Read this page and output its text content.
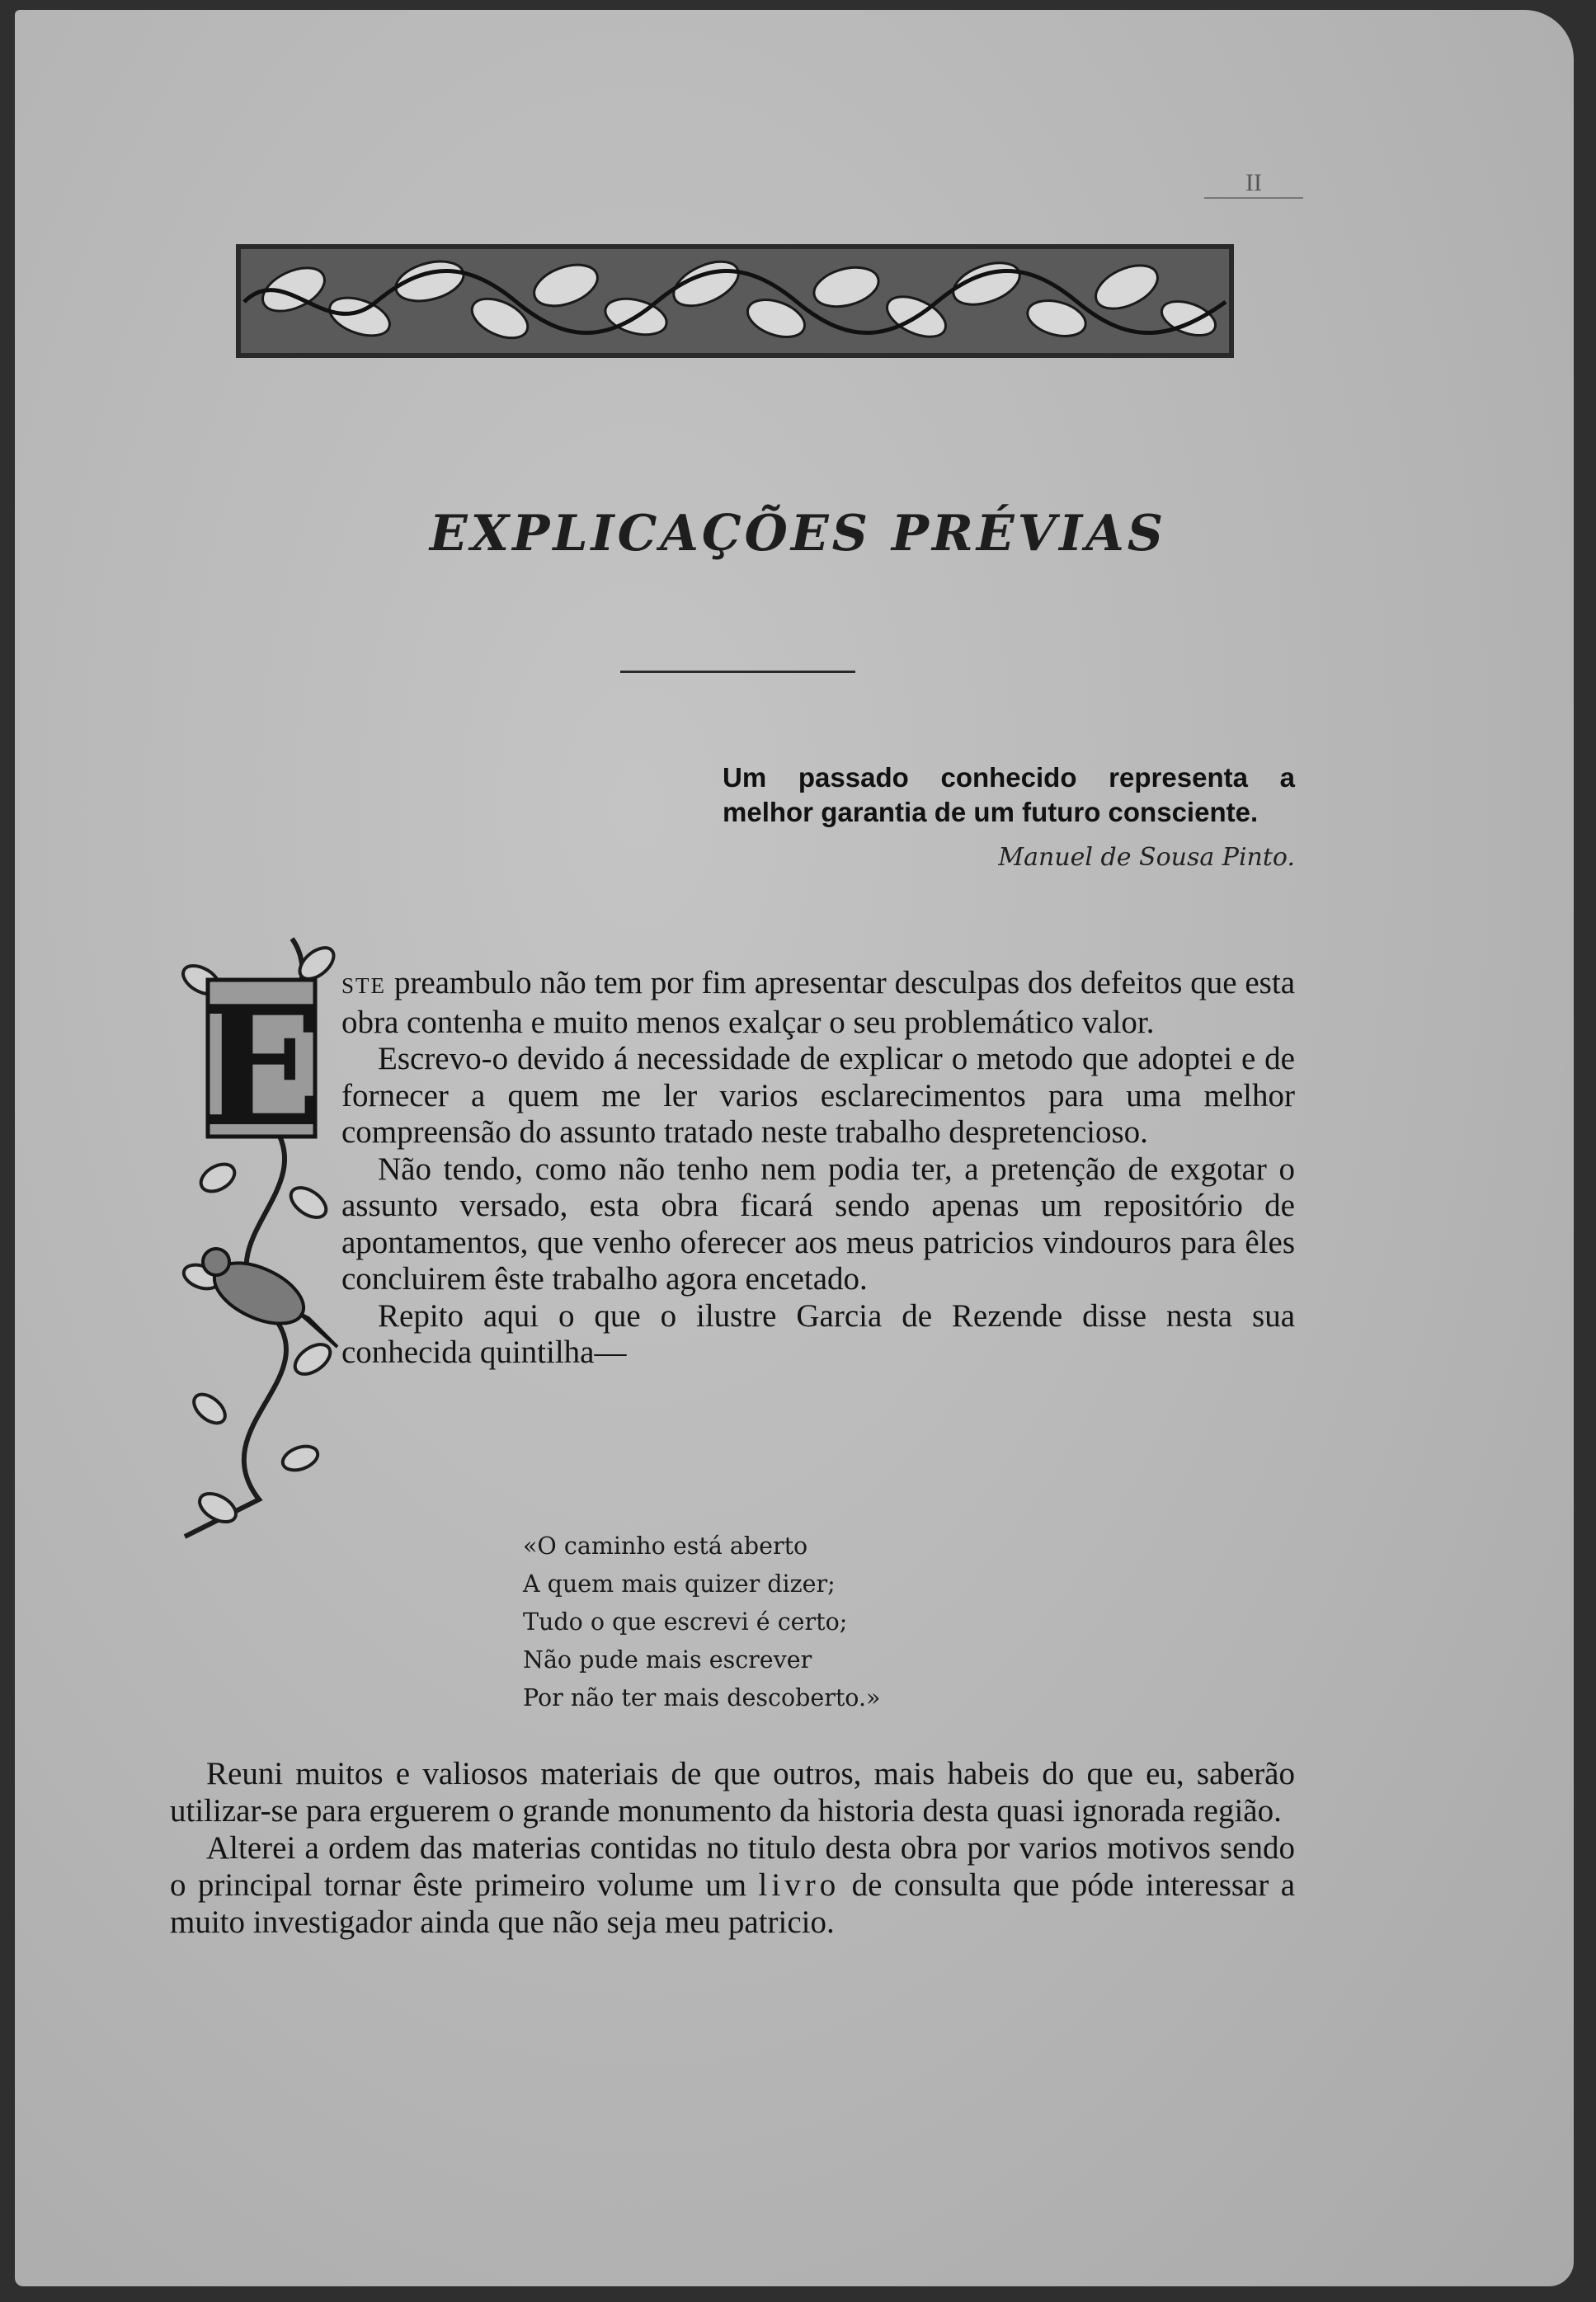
II
EXPLICAÇÕES PRÉVIAS

Um passado conhecido representa a melhor garantia de um futuro consciente.

Manuel de Sousa Pinto.

E STE preambulo não tem por fim apresentar desculpas dos defeitos que esta obra contenha e muito menos exalçar o seu problemático valor.

Escrevo-o devido á necessidade de explicar o metodo que adoptei e de fornecer a quem me ler varios esclarecimentos para uma melhor compreensão do assunto tratado neste trabalho despretencioso.

Não tendo, como não tenho nem podia ter, a pretenção de exgotar o assunto versado, esta obra ficará sendo apenas um repositório de apontamentos, que venho oferecer aos meus patricios vindouros para êles concluirem êste trabalho agora encetado.

Repito aqui o que o ilustre Garcia de Rezende disse nesta sua conhecida quintilha—

«O caminho está aberto
A quem mais quizer dizer;
Tudo o que escrevi é certo;
Não pude mais escrever
Por não ter mais descoberto.»

Reuni muitos e valiosos materiais de que outros, mais habeis do que eu, saberão utilizar-se para erguerem o grande monumento da historia desta quasi ignorada região.

Alterei a ordem das materias contidas no titulo desta obra por varios motivos sendo o principal tornar êste primeiro volume um livro de consulta que póde interessar a muito investigador ainda que não seja meu patricio.
